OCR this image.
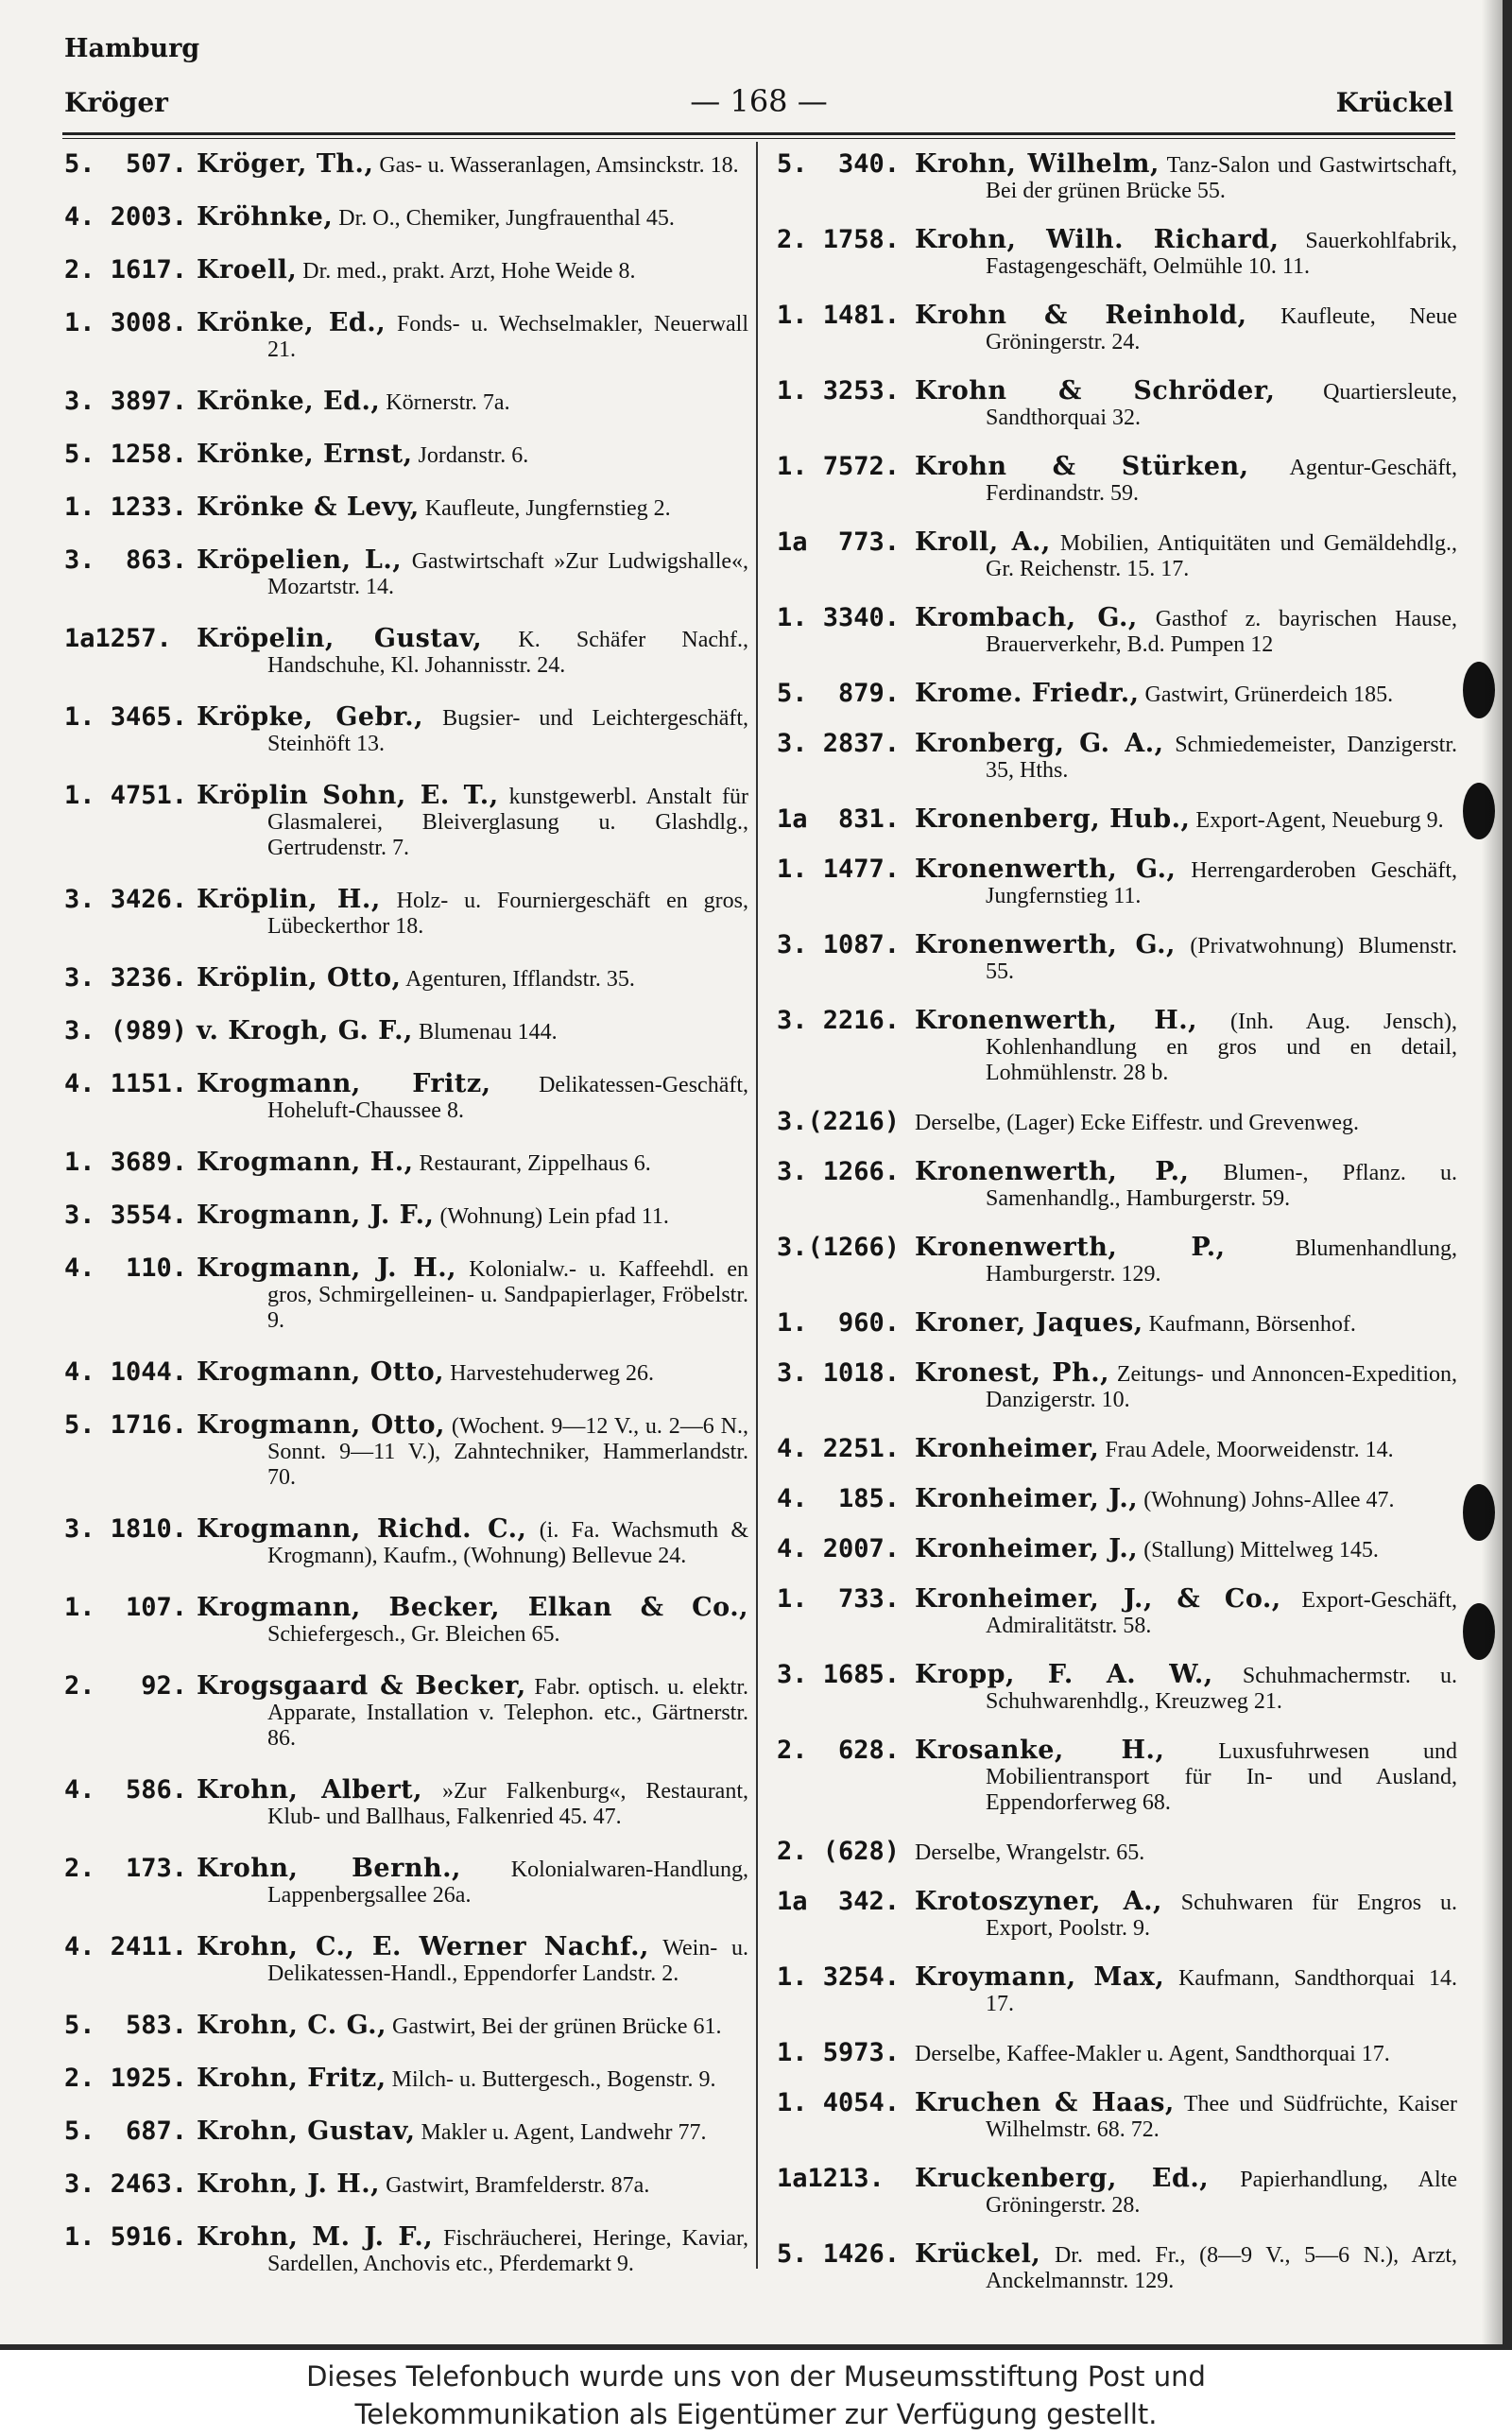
Hamburg
Kröger	— 168 —	Krückel
5.  507. Kröger, Th., Gas- u. Wasseranlagen, Amsinckstr. 18.
4. 2003. Kröhnke, Dr. O., Chemiker, Jungfrauenthal 45.
2. 1617. Kroell, Dr. med., prakt. Arzt, Hohe Weide 8.
1. 3008. Krönke, Ed., Fonds- u. Wechselmakler, Neuerwall 21.
3. 3897. Krönke, Ed., Körnerstr. 7a.
5. 1258. Krönke, Ernst, Jordanstr. 6.
1. 1233. Krönke & Levy, Kaufleute, Jungfernstieg 2.
3.  863. Kröpelien, L., Gastwirtschaft »Zur Ludwigshalle«, Mozartstr. 14.
1a1257. Kröpelin, Gustav, K. Schäfer Nachf., Handschuhe, Kl. Johannisstr. 24.
1. 3465. Kröpke, Gebr., Bugsier- und Leichtergeschäft, Steinhöft 13.
1. 4751. Kröplin Sohn, E. T., kunstgewerbl. Anstalt für Glasmalerei, Bleiverglasung u. Glashdlg., Gertrudenstr. 7.
3. 3426. Kröplin, H., Holz- u. Fourniergeschäft en gros, Lübeckerthor 18.
3. 3236. Kröplin, Otto, Agenturen, Ifflandstr. 35.
3. (989) v. Krogh, G. F., Blumenau 144.
4. 1151. Krogmann, Fritz, Delikatessen-Geschäft, Hoheluft-Chaussee 8.
1. 3689. Krogmann, H., Restaurant, Zippelhaus 6.
3. 3554. Krogmann, J. F., (Wohnung) Lein pfad 11.
4.  110. Krogmann, J. H., Kolonialw.- u. Kaffeehdl. en gros, Schmirgelleinen- u. Sandpapierlager, Fröbelstr. 9.
4. 1044. Krogmann, Otto, Harvestehuderweg 26.
5. 1716. Krogmann, Otto, (Wochent. 9—12 V., u. 2—6 N., Sonnt. 9—11 V.), Zahntechniker, Hammerlandstr. 70.
3. 1810. Krogmann, Richd. C., (i. Fa. Wachsmuth & Krogmann), Kaufm., (Wohnung) Bellevue 24.
1.  107. Krogmann, Becker, Elkan & Co., Schiefergesch., Gr. Bleichen 65.
2.   92. Krogsgaard & Becker, Fabr. optisch. u. elektr. Apparate, Installation v. Telephon. etc., Gärtnerstr. 86.
4.  586. Krohn, Albert, »Zur Falkenburg«, Restaurant, Klub- und Ballhaus, Falkenried 45. 47.
2.  173. Krohn, Bernh., Kolonialwaren-Handlung, Lappenbergsallee 26a.
4. 2411. Krohn, C., E. Werner Nachf., Wein- u. Delikatessen-Handl., Eppendorfer Landstr. 2.
5.  583. Krohn, C. G., Gastwirt, Bei der grünen Brücke 61.
2. 1925. Krohn, Fritz, Milch- u. Buttergesch., Bogenstr. 9.
5.  687. Krohn, Gustav, Makler u. Agent, Landwehr 77.
3. 2463. Krohn, J. H., Gastwirt, Bramfelderstr. 87a.
1. 5916. Krohn, M. J. F., Fischräucherei, Heringe, Kaviar, Sardellen, Anchovis etc., Pferdemarkt 9.
5.  340. Krohn, Wilhelm, Tanz-Salon und Gastwirtschaft, Bei der grünen Brücke 55.
2. 1758. Krohn, Wilh. Richard, Sauerkohlfabrik, Fastagengeschäft, Oelmühle 10. 11.
1. 1481. Krohn & Reinhold, Kaufleute, Neue Gröningerstr. 24.
1. 3253. Krohn & Schröder, Quartiersleute, Sandthorquai 32.
1. 7572. Krohn & Stürken, Agentur-Geschäft, Ferdinandstr. 59.
1a  773. Kroll, A., Mobilien, Antiquitäten und Gemäldehdlg., Gr. Reichenstr. 15. 17.
1. 3340. Krombach, G., Gasthof z. bayrischen Hause, Brauerverkehr, B.d. Pumpen 12
5.  879. Krome. Friedr., Gastwirt, Grünerdeich 185.
3. 2837. Kronberg, G. A., Schmiedemeister, Danzigerstr. 35, Hths.
1a  831. Kronenberg, Hub., Export-Agent, Neueburg 9.
1. 1477. Kronenwerth, G., Herrengarderoben Geschäft, Jungfernstieg 11.
3. 1087. Kronenwerth, G., (Privatwohnung) Blumenstr. 55.
3. 2216. Kronenwerth, H., (Inh. Aug. Jensch), Kohlenhandlung en gros und en detail, Lohmühlenstr. 28 b.
3.(2216) Derselbe, (Lager) Ecke Eiffestr. und Grevenweg.
3. 1266. Kronenwerth, P., Blumen-, Pflanz. u. Samenhandlg., Hamburgerstr. 59.
3.(1266) Kronenwerth, P.,	Blumenhandlung, Hamburgerstr. 129.
1.  960. Kroner, Jaques, Kaufmann, Börsenhof.
3. 1018. Kronest, Ph., Zeitungs- und Annoncen-Expedition, Danzigerstr. 10.
4. 2251. Kronheimer, Frau Adele, Moorweidenstr. 14.
4.  185. Kronheimer, J., (Wohnung) Johns-Allee 47.
4. 2007. Kronheimer, J., (Stallung) Mittelweg 145.
1.  733. Kronheimer, J., & Co., Export-Geschäft, Admiralitätstr. 58.
3. 1685. Kropp, F. A. W., Schuhmachermstr. u. Schuhwarenhdlg., Kreuzweg 21.
2.  628. Krosanke, H., Luxusfuhrwesen und Mobilientransport für In- und Ausland, Eppendorferweg 68.
2. (628) Derselbe, Wrangelstr. 65.
1a  342. Krotoszyner, A., Schuhwaren für Engros u. Export, Poolstr. 9.
1. 3254. Kroymann, Max, Kaufmann, Sandthorquai 14. 17.
1. 5973. Derselbe, Kaffee-Makler u. Agent, Sandthorquai 17.
1. 4054. Kruchen & Haas, Thee und Südfrüchte, Kaiser Wilhelmstr. 68. 72.
1a1213. Kruckenberg, Ed., Papierhandlung, Alte Gröningerstr. 28.
5. 1426. Krückel, Dr. med. Fr., (8—9 V., 5—6 N.), Arzt, Anckelmannstr. 129.
Dieses Telefonbuch wurde uns von der Museumsstiftung Post und
Telekommunikation als Eigentümer zur Verfügung gestellt.
